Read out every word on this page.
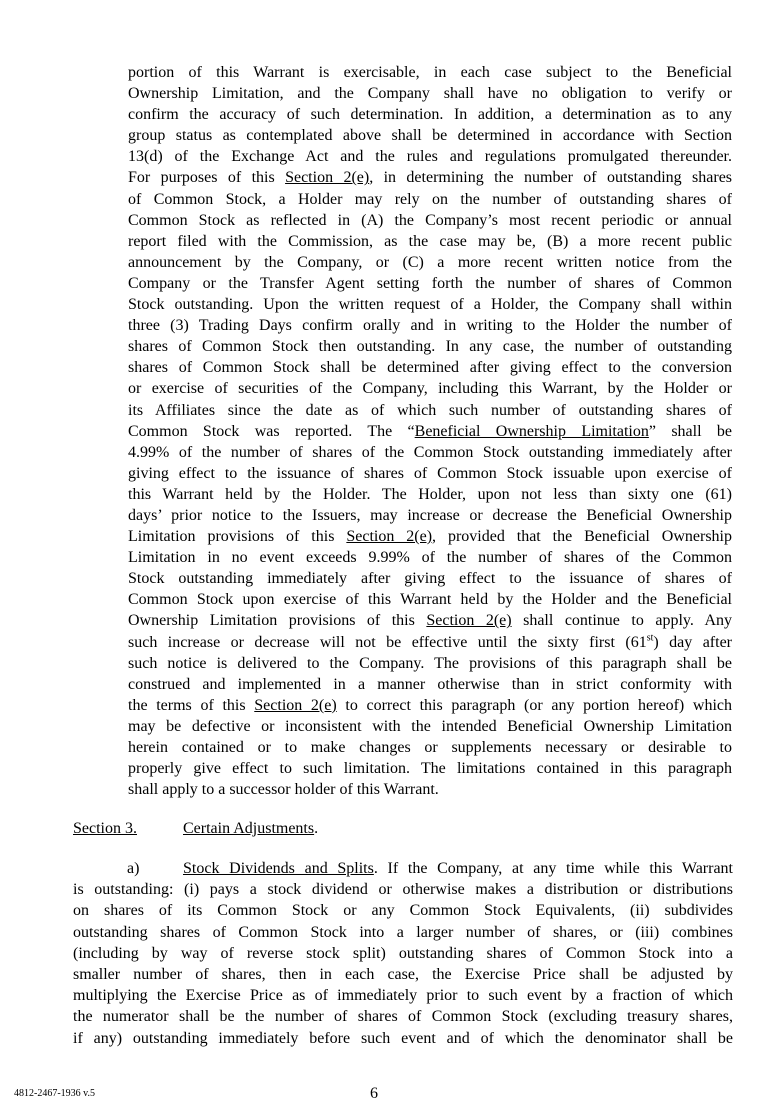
portion of this Warrant is exercisable, in each case subject to the Beneficial
Ownership Limitation, and the Company shall have no obligation to verify or
confirm the accuracy of such determination. In addition, a determination as to any
group status as contemplated above shall be determined in accordance with Section
13(d) of the Exchange Act and the rules and regulations promulgated thereunder.
For purposes of this Section 2(e), in determining the number of outstanding shares
of Common Stock, a Holder may rely on the number of outstanding shares of
Common Stock as reflected in (A) the Company’s most recent periodic or annual
report filed with the Commission, as the case may be, (B) a more recent public
announcement by the Company, or (C) a more recent written notice from the
Company or the Transfer Agent setting forth the number of shares of Common
Stock outstanding. Upon the written request of a Holder, the Company shall within
three (3) Trading Days confirm orally and in writing to the Holder the number of
shares of Common Stock then outstanding. In any case, the number of outstanding
shares of Common Stock shall be determined after giving effect to the conversion
or exercise of securities of the Company, including this Warrant, by the Holder or
its Affiliates since the date as of which such number of outstanding shares of
Common Stock was reported. The “Beneficial Ownership Limitation” shall be
4.99% of the number of shares of the Common Stock outstanding immediately after
giving effect to the issuance of shares of Common Stock issuable upon exercise of
this Warrant held by the Holder. The Holder, upon not less than sixty one (61)
days’ prior notice to the Issuers, may increase or decrease the Beneficial Ownership
Limitation provisions of this Section 2(e), provided that the Beneficial Ownership
Limitation in no event exceeds 9.99% of the number of shares of the Common
Stock outstanding immediately after giving effect to the issuance of shares of
Common Stock upon exercise of this Warrant held by the Holder and the Beneficial
Ownership Limitation provisions of this Section 2(e) shall continue to apply. Any
such increase or decrease will not be effective until the sixty first (61st) day after
such notice is delivered to the Company. The provisions of this paragraph shall be
construed and implemented in a manner otherwise than in strict conformity with
the terms of this Section 2(e) to correct this paragraph (or any portion hereof) which
may be defective or inconsistent with the intended Beneficial Ownership Limitation
herein contained or to make changes or supplements necessary or desirable to
properly give effect to such limitation. The limitations contained in this paragraph
shall apply to a successor holder of this Warrant.
Section 3.	Certain Adjustments.
a)	Stock Dividends and Splits. If the Company, at any time while this Warrant
is outstanding: (i) pays a stock dividend or otherwise makes a distribution or distributions
on shares of its Common Stock or any Common Stock Equivalents, (ii) subdivides
outstanding shares of Common Stock into a larger number of shares, or (iii) combines
(including by way of reverse stock split) outstanding shares of Common Stock into a
smaller number of shares, then in each case, the Exercise Price shall be adjusted by
multiplying the Exercise Price as of immediately prior to such event by a fraction of which
the numerator shall be the number of shares of Common Stock (excluding treasury shares,
if any) outstanding immediately before such event and of which the denominator shall be
4812-2467-1936 v.5	6
